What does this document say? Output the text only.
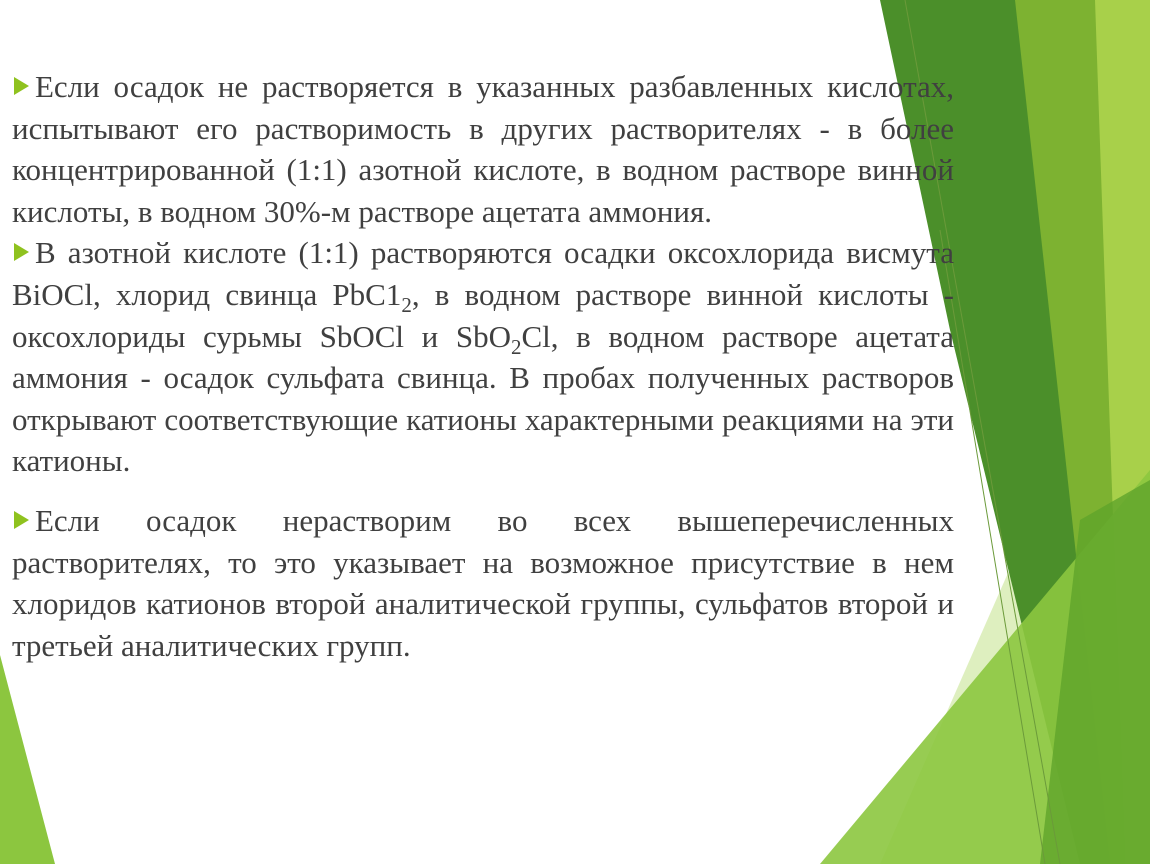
Если осадок не растворяется в указанных разбавленных кислотах, испытывают его растворимость в других растворителях - в более концентрированной (1:1) азотной кислоте, в водном растворе винной кислоты, в водном 30%-м растворе ацетата аммония.

В азотной кислоте (1:1) растворяются осадки оксохлорида висмута BiOCl, хлорид свинца $PbC1_2$, в водном растворе винной кислоты - оксохлориды сурьмы SbOCl и SbO$_2$Cl, в водном растворе ацетата аммония - осадок сульфата свинца. В пробах полученных растворов открывают соответствующие катионы характерными реакциями на эти катионы.

Если осадок нерастворим во всех вышеперечисленных растворителях, то это указывает на возможное присутствие в нем хлоридов катионов второй аналитической группы, сульфатов второй и третьей аналитических групп.
